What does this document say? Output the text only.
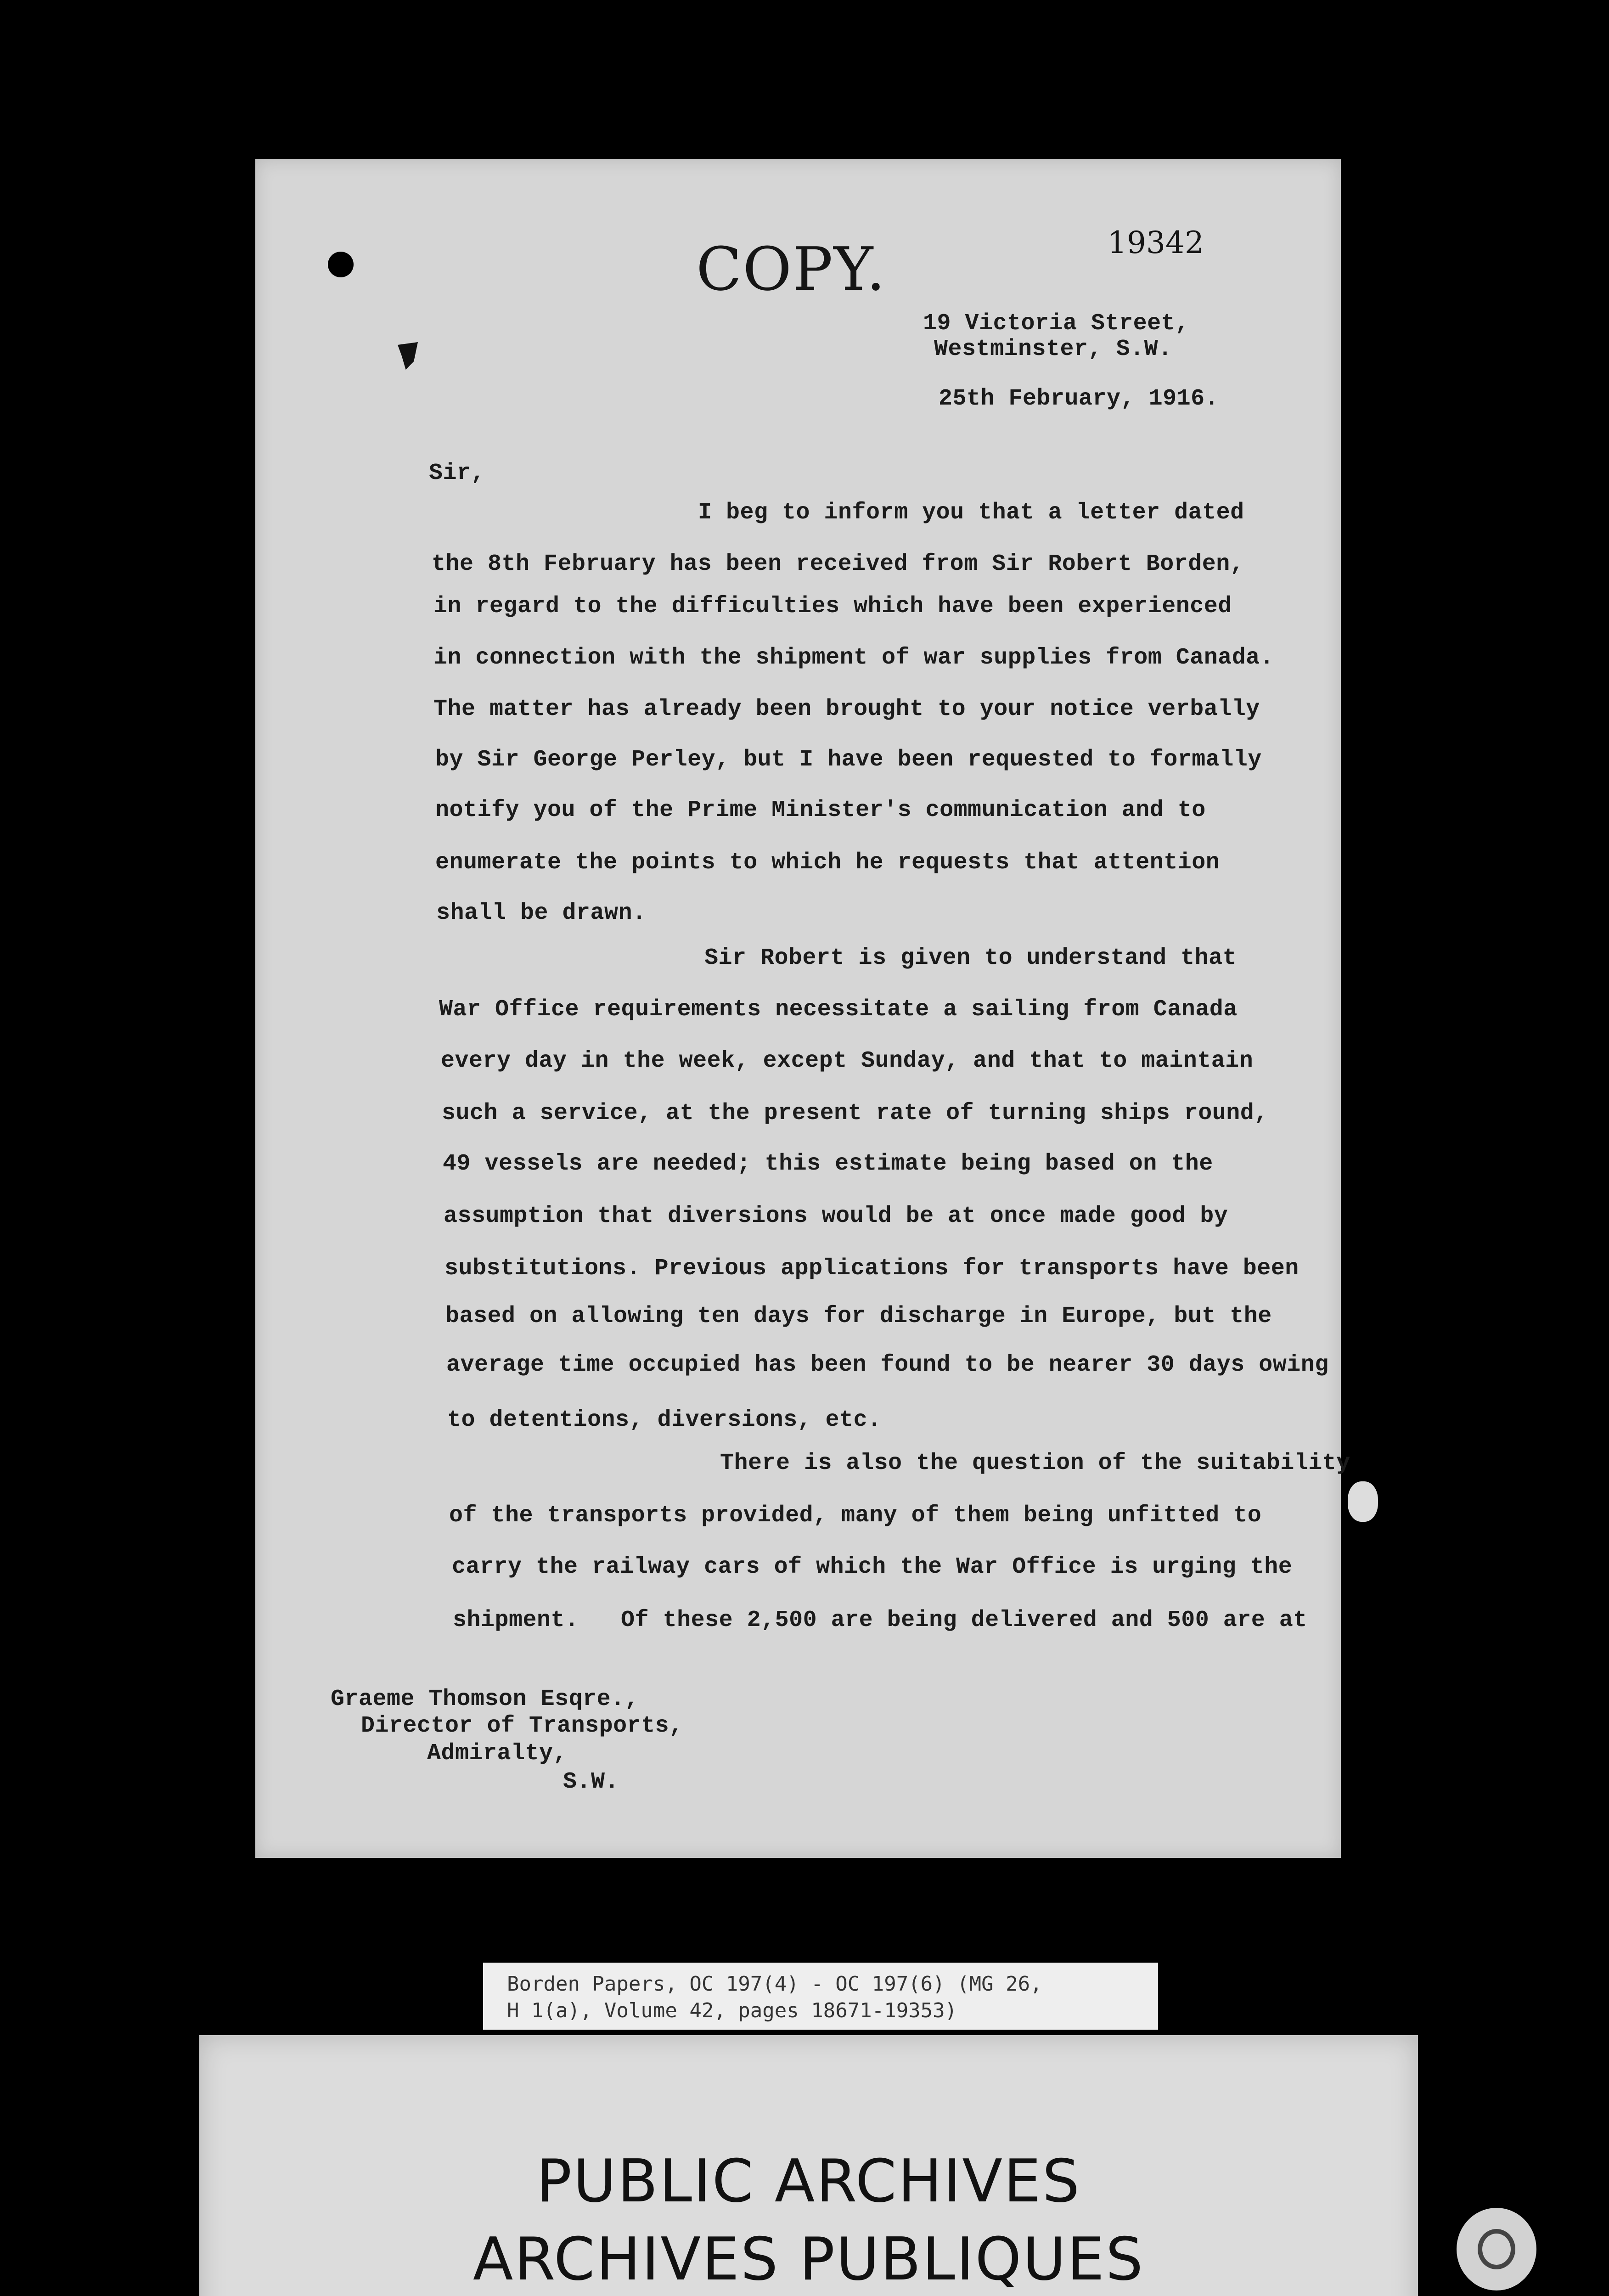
COPY.	19342
19 Victoria Street,
Westminster, S.W.
25th February, 1916.
Sir,
I beg to inform you that a letter dated
the 8th February has been received from Sir Robert Borden,
in regard to the difficulties which have been experienced
in connection with the shipment of war supplies from Canada.
The matter has already been brought to your notice verbally
by Sir George Perley, but I have been requested to formally
notify you of the Prime Minister's communication and to
enumerate the points to which he requests that attention
shall be drawn.
Sir Robert is given to understand that
War Office requirements necessitate a sailing from Canada
every day in the week, except Sunday, and that to maintain
such a service, at the present rate of turning ships round,
49 vessels are needed; this estimate being based on the
assumption that diversions would be at once made good by
substitutions. Previous applications for transports have been
based on allowing ten days for discharge in Europe, but the
average time occupied has been found to be nearer 30 days owing
to detentions, diversions, etc.
There is also the question of the suitability
of the transports provided, many of them being unfitted to
carry the railway cars of which the War Office is urging the
shipment.   Of these 2,500 are being delivered and 500 are at
Graeme Thomson Esqre.,
Director of Transports,
Admiralty,
S.W.
Borden Papers, OC 197(4) - OC 197(6) (MG 26,
H 1(a), Volume 42, pages 18671-19353)
PUBLIC ARCHIVES
ARCHIVES PUBLIQUES
